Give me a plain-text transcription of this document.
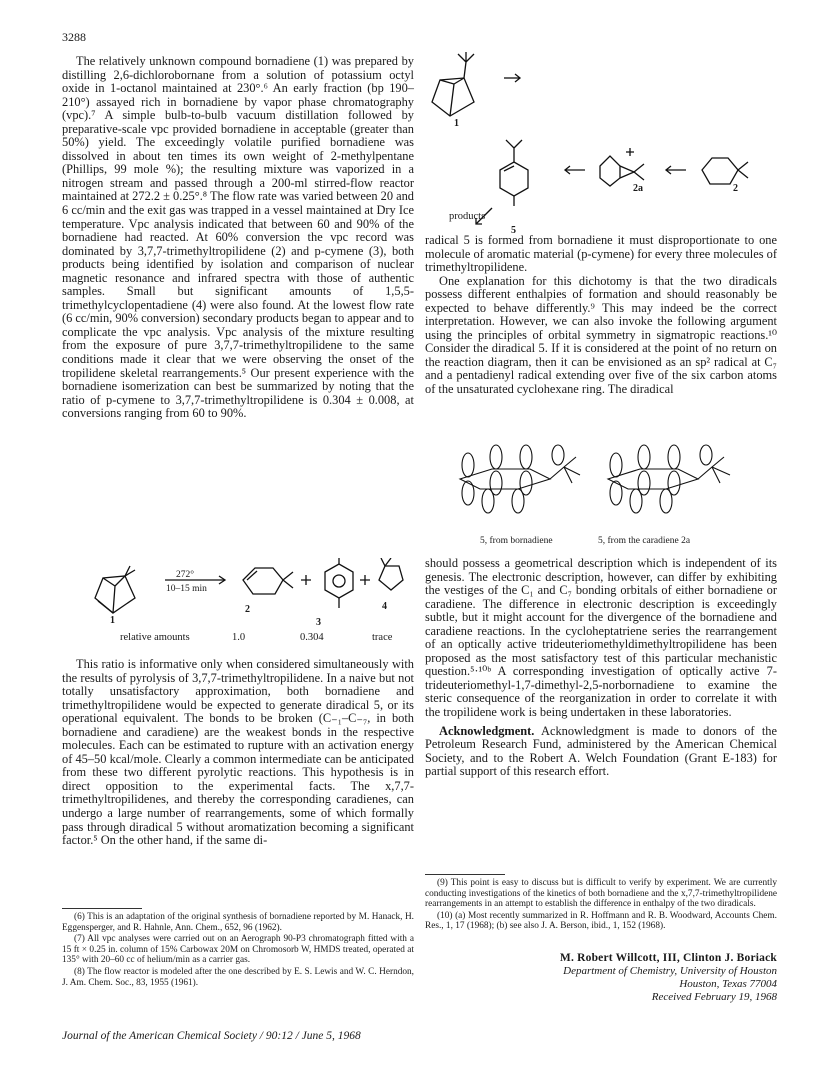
3288

The relatively unknown compound bornadiene (1) was prepared by distilling 2,6-dichlorobornane from a solution of potassium octyl oxide in 1-octanol maintained at 230°.⁶ An early fraction (bp 190–210°) assayed rich in bornadiene by vapor phase chromatography (vpc).⁷ A simple bulb-to-bulb vacuum distillation followed by preparative-scale vpc provided bornadiene in acceptable (greater than 50%) yield. The exceedingly volatile purified bornadiene was dissolved in about ten times its own weight of 2-methylpentane (Phillips, 99 mole %); the resulting mixture was vaporized in a nitrogen stream and passed through a 200-ml stirred-flow reactor maintained at 272.2 ± 0.25°.⁸ The flow rate was varied between 20 and 6 cc/min and the exit gas was trapped in a vessel maintained at Dry Ice temperature. Vpc analysis indicated that between 60 and 90% of the bornadiene had reacted. At 60% conversion the vpc record was dominated by 3,7,7-trimethyltropilidene (2) and p-cymene (3), both products being identified by isolation and comparison of nuclear magnetic resonance and infrared spectra with those of authentic samples. Small but significant amounts of 1,5,5-trimethylcyclopentadiene (4) were also found. At the lowest flow rate (6 cc/min, 90% conversion) secondary products began to appear and to complicate the vpc analysis. Vpc analysis of the mixture resulting from the exposure of pure 3,7,7-trimethyltropilidene to the same conditions made it clear that we were observing the onset of the tropilidene skeletal rearrangements.⁵ Our present experience with the bornadiene isomerization can best be summarized by noting that the ratio of p-cymene to 3,7,7-trimethyltropilidene is 0.304 ± 0.008, at conversions ranging from 60 to 90%.

272°
10–15 min
1
2
3
4
relative amounts	1.0	0.304	trace

This ratio is informative only when considered simultaneously with the results of pyrolysis of 3,7,7-trimethyltropilidene. In a naive but not totally unsatisfactory approximation, both bornadiene and trimethyltropilidene would be expected to generate diradical 5, or its operational equivalent. The bonds to be broken (C₋₁–C₋₇, in both bornadiene and caradiene) are the weakest bonds in the respective molecules. Each can be estimated to rupture with an activation energy of 45–50 kcal/mole. Clearly a common intermediate can be anticipated from these two different pyrolytic reactions. This hypothesis is in direct opposition to the experimental facts. The x,7,7-trimethyltropilidenes, and thereby the corresponding caradienes, can undergo a large number of rearrangements, some of which formally pass through diradical 5 without aromatization becoming a significant factor.⁵ On the other hand, if the same di-

(6) This is an adaptation of the original synthesis of bornadiene reported by M. Hanack, H. Eggensperger, and R. Hahnle, Ann. Chem., 652, 96 (1962).

(7) All vpc analyses were carried out on an Aerograph 90-P3 chromatograph fitted with a 15 ft × 0.25 in. column of 15% Carbowax 20M on Chromosorb W, HMDS treated, operated at 135° with 20–60 cc of helium/min as a carrier gas.

(8) The flow reactor is modeled after the one described by E. S. Lewis and W. C. Herndon, J. Am. Chem. Soc., 83, 1955 (1961).

1
5
2a	2
products

radical 5 is formed from bornadiene it must disproportionate to one molecule of aromatic material (p-cymene) for every three molecules of trimethyltropilidene.

One explanation for this dichotomy is that the two diradicals possess different enthalpies of formation and should reasonably be expected to behave differently.⁹ This may indeed be the correct interpretation. However, we can also invoke the following argument using the principles of orbital symmetry in sigmatropic reactions.¹⁰ Consider the diradical 5. If it is considered at the point of no return on the reaction diagram, then it can be envisioned as an sp² radical at C₇ and a pentadienyl radical extending over five of the six carbon atoms of the unsaturated cyclohexane ring. The diradical

5, from bornadiene	5, from the caradiene 2a

should possess a geometrical description which is independent of its genesis. The electronic description, however, can differ by exhibiting the vestiges of the C₁ and C₇ bonding orbitals of either bornadiene or caradiene. The difference in electronic description is exceedingly subtle, but it might account for the divergence of the bornadiene and caradiene reactions. In the cycloheptatriene series the rearrangement of an optically active trideuteriomethyldimethyltropilidene has been proposed as the most satisfactory test of this particular mechanistic question.⁵·¹⁰ᵇ A corresponding investigation of optically active 7-trideuteriomethyl-1,7-dimethyl-2,5-norbornadiene to examine the steric consequence of the reorganization in order to correlate it with the tropilidene work is being undertaken in these laboratories.

Acknowledgment. Acknowledgment is made to donors of the Petroleum Research Fund, administered by the American Chemical Society, and to the Robert A. Welch Foundation (Grant E-183) for partial support of this research effort.

(9) This point is easy to discuss but is difficult to verify by experiment. We are currently conducting investigations of the kinetics of both bornadiene and the x,7,7-trimethyltropilidene rearrangements in an attempt to establish the difference in enthalpy of the two diradicals.

(10) (a) Most recently summarized in R. Hoffmann and R. B. Woodward, Accounts Chem. Res., 1, 17 (1968); (b) see also J. A. Berson, ibid., 1, 152 (1968).

M. Robert Willcott, III, Clinton J. Boriack
Department of Chemistry, University of Houston
Houston, Texas 77004
Received February 19, 1968
Journal of the American Chemical Society / 90:12 / June 5, 1968
